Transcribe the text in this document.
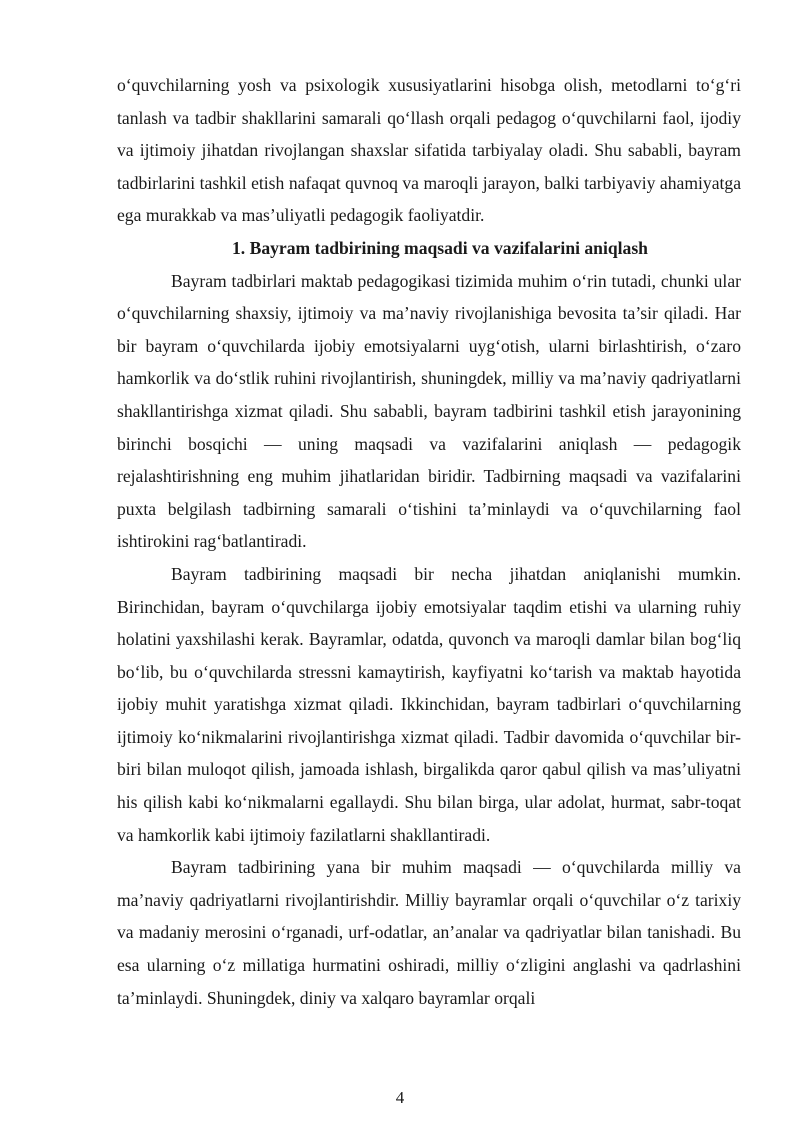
o‘quvchilarning yosh va psixologik xususiyatlarini hisobga olish, metodlarni to‘g‘ri tanlash va tadbir shakllarini samarali qo‘llash orqali pedagog o‘quvchilarni faol, ijodiy va ijtimoiy jihatdan rivojlangan shaxslar sifatida tarbiyalay oladi. Shu sababli, bayram tadbirlarini tashkil etish nafaqat quvnoq va maroqli jarayon, balki tarbiyaviy ahamiyatga ega murakkab va mas’uliyatli pedagogik faoliyatdir.

1. Bayram tadbirining maqsadi va vazifalarini aniqlash

Bayram tadbirlari maktab pedagogikasi tizimida muhim o‘rin tutadi, chunki ular o‘quvchilarning shaxsiy, ijtimoiy va ma’naviy rivojlanishiga bevosita ta’sir qiladi. Har bir bayram o‘quvchilarda ijobiy emotsiyalarni uyg‘otish, ularni birlashtirish, o‘zaro hamkorlik va do‘stlik ruhini rivojlantirish, shuningdek, milliy va ma’naviy qadriyatlarni shakllantirishga xizmat qiladi. Shu sababli, bayram tadbirini tashkil etish jarayonining birinchi bosqichi — uning maqsadi va vazifalarini aniqlash — pedagogik rejalashtirishning eng muhim jihatlaridan biridir. Tadbirning maqsadi va vazifalarini puxta belgilash tadbirning samarali o‘tishini ta’minlaydi va o‘quvchilarning faol ishtirokini rag‘batlantiradi.

Bayram tadbirining maqsadi bir necha jihatdan aniqlanishi mumkin. Birinchidan, bayram o‘quvchilarga ijobiy emotsiyalar taqdim etishi va ularning ruhiy holatini yaxshilashi kerak. Bayramlar, odatda, quvonch va maroqli damlar bilan bog‘liq bo‘lib, bu o‘quvchilarda stressni kamaytirish, kayfiyatni ko‘tarish va maktab hayotida ijobiy muhit yaratishga xizmat qiladi. Ikkinchidan, bayram tadbirlari o‘quvchilarning ijtimoiy ko‘nikmalarini rivojlantirishga xizmat qiladi. Tadbir davomida o‘quvchilar bir-biri bilan muloqot qilish, jamoada ishlash, birgalikda qaror qabul qilish va mas’uliyatni his qilish kabi ko‘nikmalarni egallaydi. Shu bilan birga, ular adolat, hurmat, sabr-toqat va hamkorlik kabi ijtimoiy fazilatlarni shakllantiradi.

Bayram tadbirining yana bir muhim maqsadi — o‘quvchilarda milliy va ma’naviy qadriyatlarni rivojlantirishdir. Milliy bayramlar orqali o‘quvchilar o‘z tarixiy va madaniy merosini o‘rganadi, urf-odatlar, an’analar va qadriyatlar bilan tanishadi. Bu esa ularning o‘z millatiga hurmatini oshiradi, milliy o‘zligini anglashi va qadrlashini ta’minlaydi. Shuningdek, diniy va xalqaro bayramlar orqali

4
